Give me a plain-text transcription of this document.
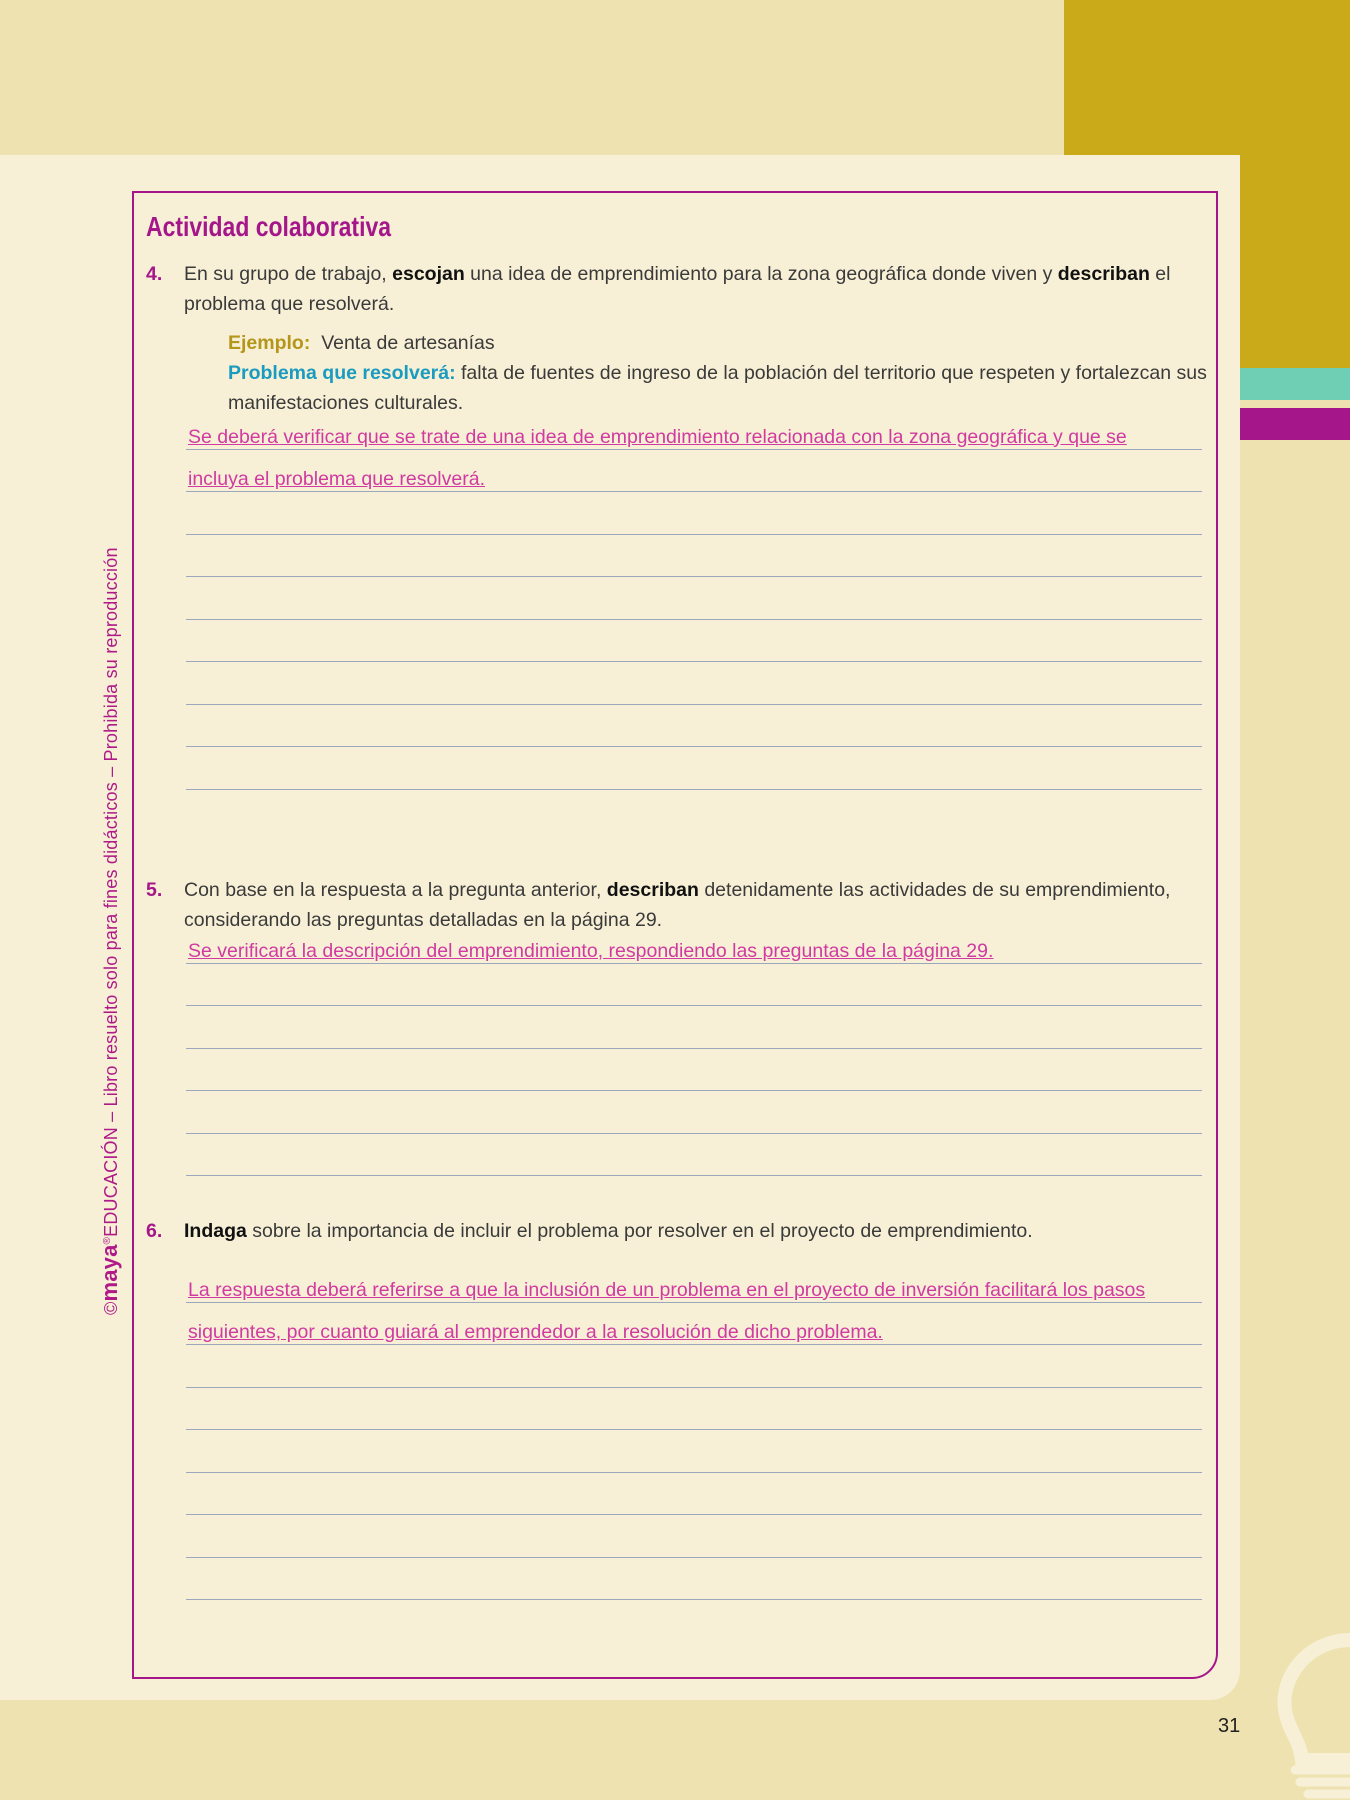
©maya®EDUCACIÓN – Libro resuelto solo para fines didácticos – Prohibida su reproducción
Actividad colaborativa
4. En su grupo de trabajo, escojan una idea de emprendimiento para la zona geográfica donde viven y describan el problema que resolverá.
Ejemplo: Venta de artesanías
Problema que resolverá: falta de fuentes de ingreso de la población del territorio que respeten y fortalezcan sus manifestaciones culturales.
Se deberá verificar que se trate de una idea de emprendimiento relacionada con la zona geográfica y que se
incluya el problema que resolverá.
5. Con base en la respuesta a la pregunta anterior, describan detenidamente las actividades de su emprendimiento, considerando las preguntas detalladas en la página 29.
Se verificará la descripción del emprendimiento, respondiendo las preguntas de la página 29.
6. Indaga sobre la importancia de incluir el problema por resolver en el proyecto de emprendimiento.
La respuesta deberá referirse a que la inclusión de un problema en el proyecto de inversión facilitará los pasos
siguientes, por cuanto guiará al emprendedor a la resolución de dicho problema.
31
